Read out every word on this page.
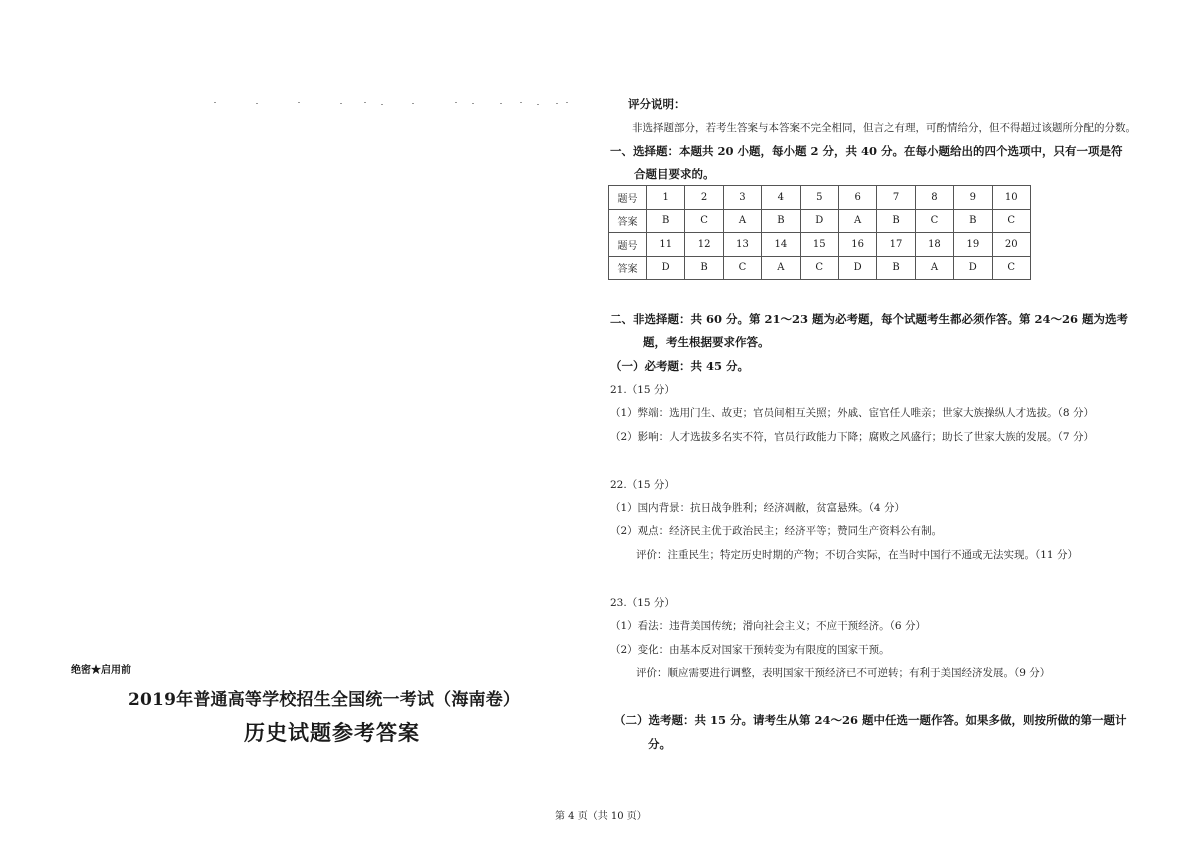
绝密★启用前
2019年普通高等学校招生全国统一考试（海南卷）
历史试题参考答案
评分说明：
非选择题部分，若考生答案与本答案不完全相同，但言之有理，可酌情给分，但不得超过该题所分配的分数。
一、选择题：本题共 20 小题，每小题 2 分，共 40 分。在每小题给出的四个选项中，只有一项是符
合题目要求的。
题号	1	2	3	4	5	6	7	8	9	10
答案	B	C	A	B	D	A	B	C	B	C
题号	11	12	13	14	15	16	17	18	19	20
答案	D	B	C	A	C	D	B	A	D	C
二、非选择题：共 60 分。第 21～23 题为必考题，每个试题考生都必须作答。第 24～26 题为选考
题，考生根据要求作答。
（一）必考题：共 45 分。
21.（15 分）
（1）弊端：选用门生、故吏；官员间相互关照；外戚、宦官任人唯亲；世家大族操纵人才选拔。（8 分）
（2）影响：人才选拔多名实不符，官员行政能力下降；腐败之风盛行；助长了世家大族的发展。（7 分）
22.（15 分）
（1）国内背景：抗日战争胜利；经济凋敝，贫富悬殊。（4 分）
（2）观点：经济民主优于政治民主；经济平等；赞同生产资料公有制。
评价：注重民生；特定历史时期的产物；不切合实际，在当时中国行不通或无法实现。（11 分）
23.（15 分）
（1）看法：违背美国传统；滑向社会主义；不应干预经济。（6 分）
（2）变化：由基本反对国家干预转变为有限度的国家干预。
评价：顺应需要进行调整，表明国家干预经济已不可逆转；有利于美国经济发展。（9 分）
（二）选考题：共 15 分。请考生从第 24～26 题中任选一题作答。如果多做，则按所做的第一题计
分。
第 4 页（共 10 页）
